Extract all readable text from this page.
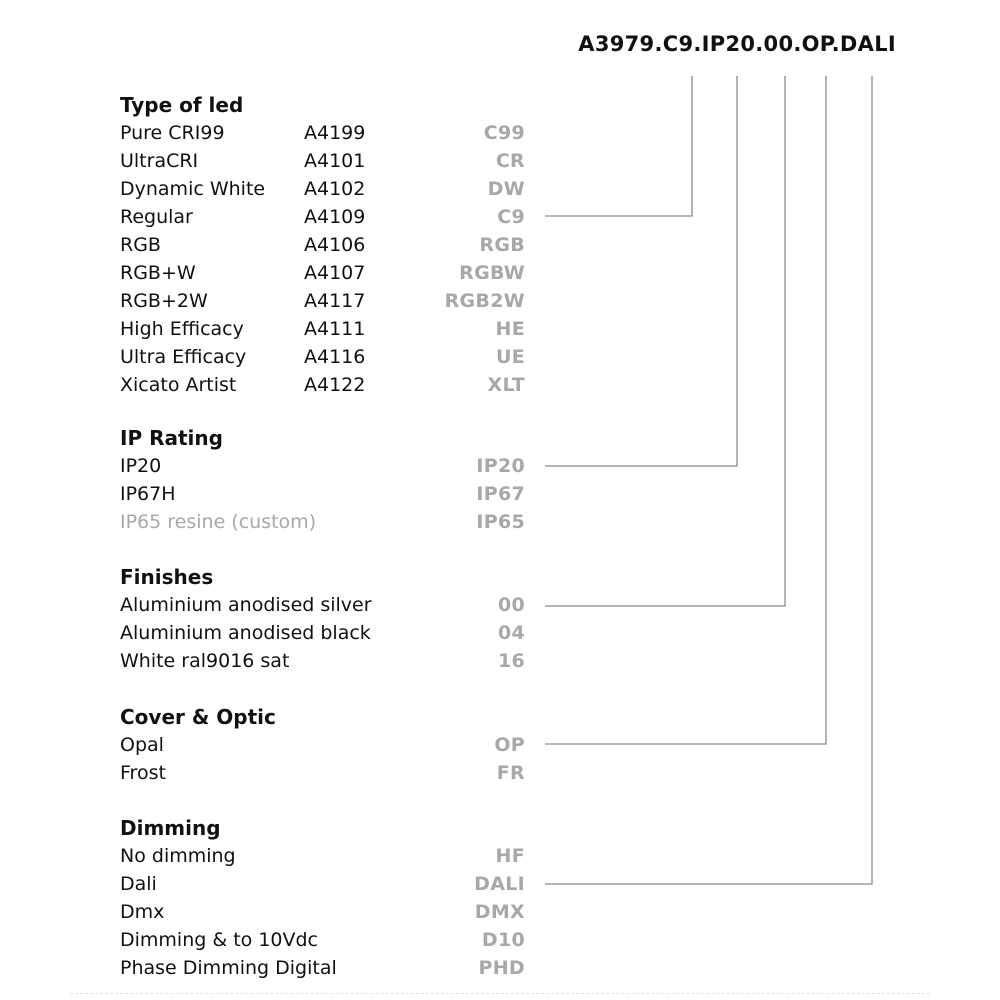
A3979.C9.IP20.00.OP.DALI
Type of led
Pure CRI99	A4199	C99
UltraCRI	A4101	CR
Dynamic White A4102	DW
Regular	A4109	C9
RGB	A4106	RGB
RGB+W	A4107	RGBW
RGB+2W	A4117	RGB2W
High Efficacy	A4111	HE
Ultra Efficacy	A4116	UE
Xicato Artist	A4122	XLT
IP Rating
IP20	IP20
IP67H	IP67
IP65 resine (custom)	IP65
Finishes
Aluminium anodised silver	00
Aluminium anodised black	04
White ral9016 sat	16
Cover & Optic
Opal	OP
Frost	FR
Dimming
No dimming	HF
Dali	DALI
Dmx	DMX
Dimming & to 10Vdc	D10
Phase Dimming Digital	PHD
